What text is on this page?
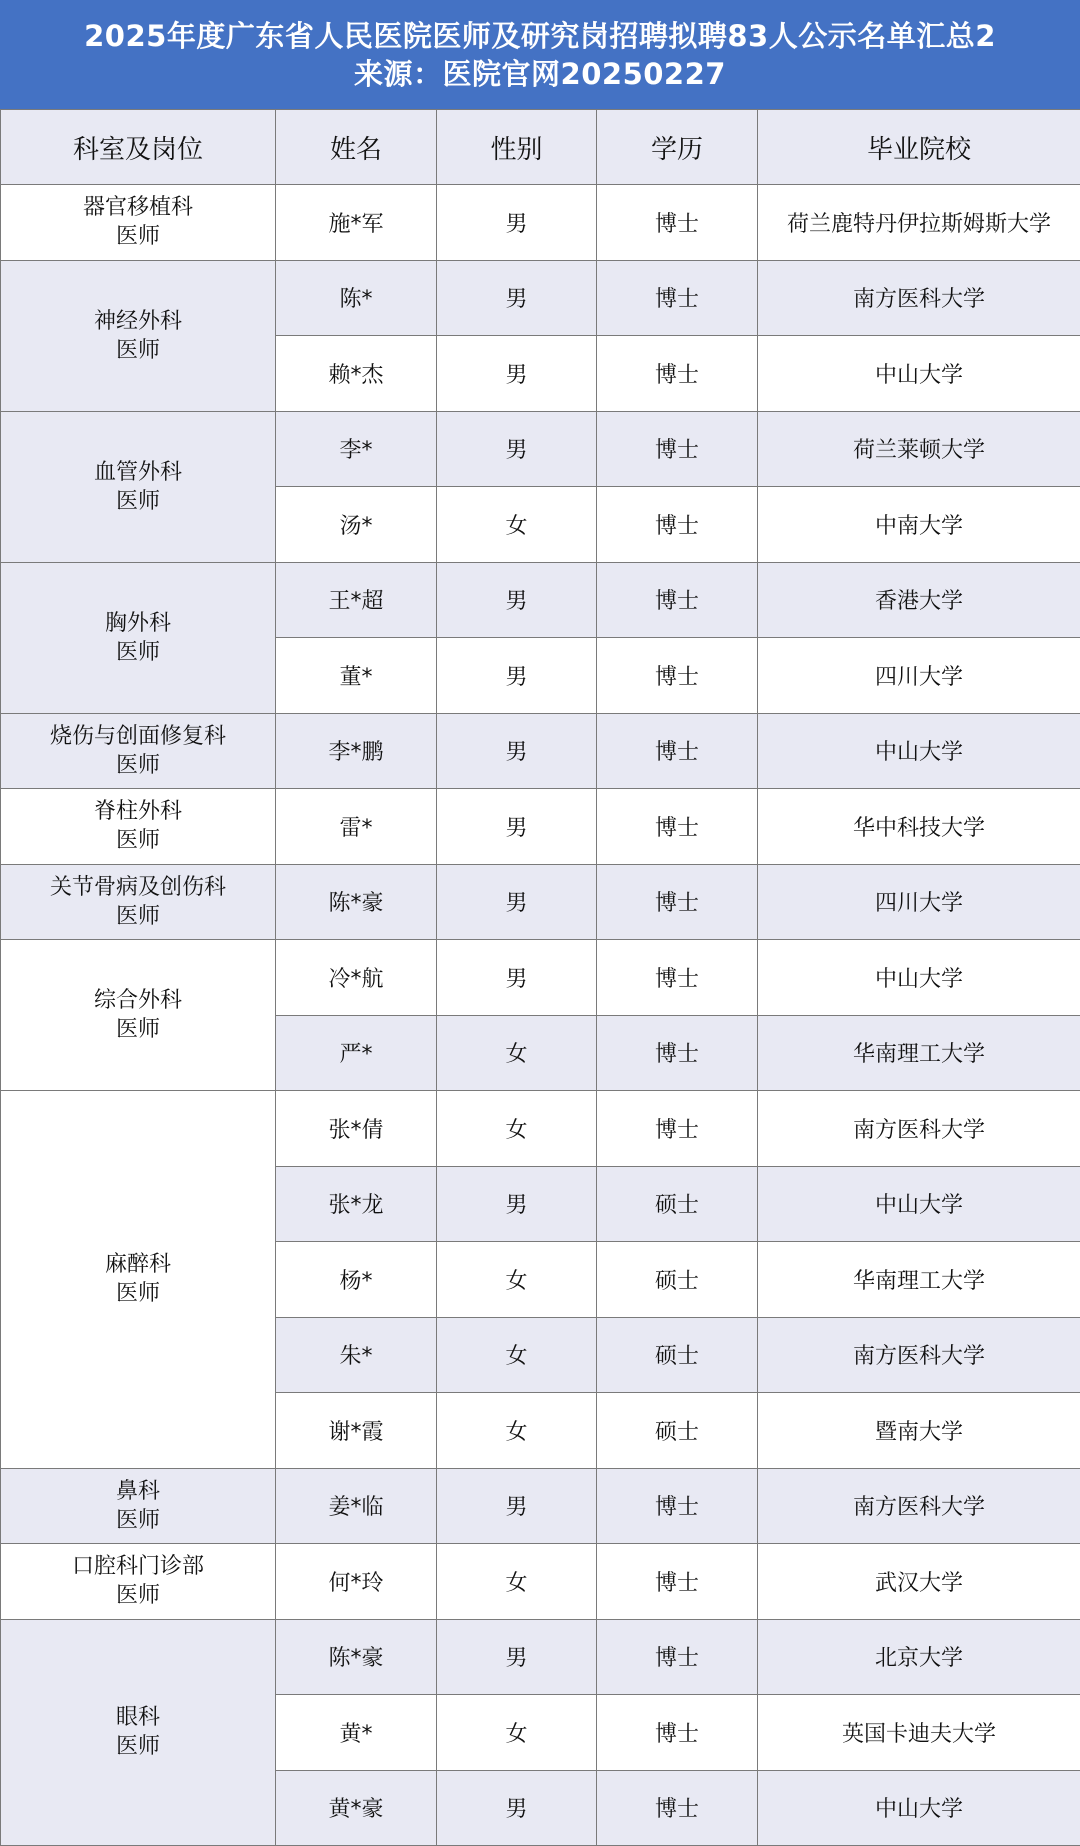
2025年度广东省人民医院医师及研究岗招聘拟聘83人公示名单汇总2
来源：医院官网20250227
科室及岗位	姓名	性别	学历	毕业院校

器官移植科
医师	施*军	男	博士	荷兰鹿特丹伊拉斯姆斯大学

神经外科
医师	陈*	男	博士	南方医科大学
	赖*杰	男	博士	中山大学

血管外科
医师	李*	男	博士	荷兰莱顿大学
	汤*	女	博士	中南大学

胸外科
医师	王*超	男	博士	香港大学
	董*	男	博士	四川大学

烧伤与创面修复科
医师	李*鹏	男	博士	中山大学

脊柱外科
医师	雷*	男	博士	华中科技大学

关节骨病及创伤科
医师	陈*豪	男	博士	四川大学

综合外科
医师	冷*航	男	博士	中山大学
	严*	女	博士	华南理工大学

麻醉科
医师	张*倩	女	博士	南方医科大学
	张*龙	男	硕士	中山大学
	杨*	女	硕士	华南理工大学
	朱*	女	硕士	南方医科大学
	谢*霞	女	硕士	暨南大学

鼻科
医师	姜*临	男	博士	南方医科大学

口腔科门诊部
医师	何*玲	女	博士	武汉大学

眼科
医师	陈*豪	男	博士	北京大学
	黄*	女	博士	英国卡迪夫大学
	黄*豪	男	博士	中山大学
